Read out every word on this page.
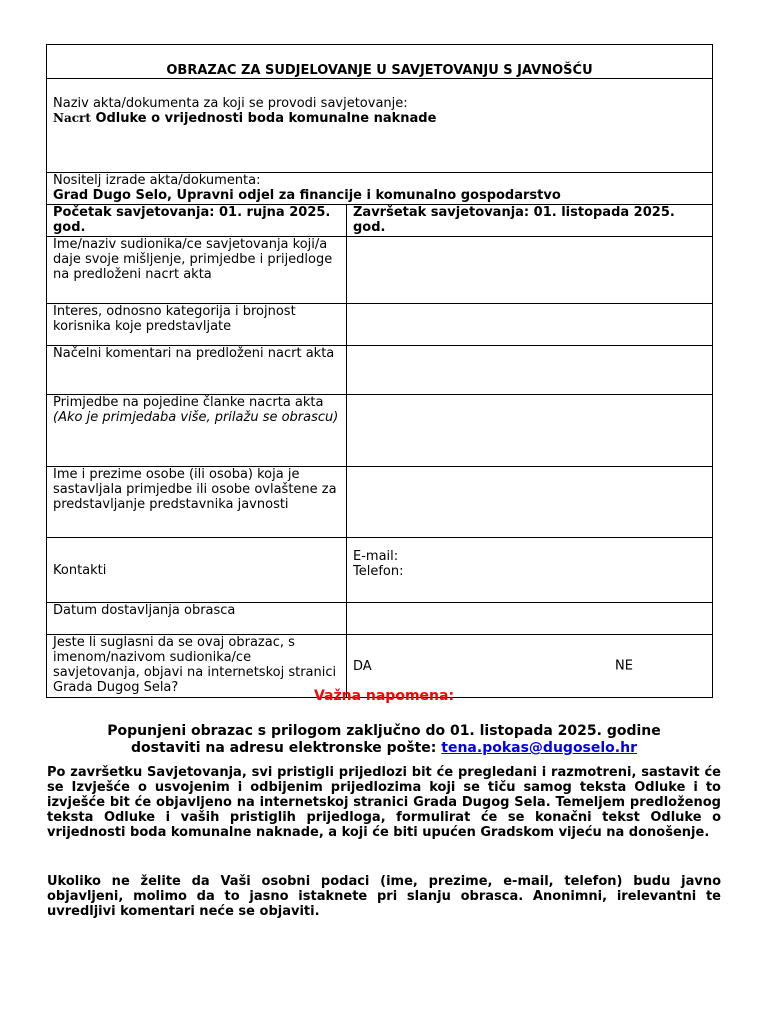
OBRAZAC ZA SUDJELOVANJE U SAVJETOVANJU S JAVNOŠĆU	

Naziv akta/dokumenta za koji se provodi savjetovanje:
Nacrt Odluke o vrijednosti boda komunalne naknade	

Nositelj izrade akta/dokumenta:
Grad Dugo Selo, Upravni odjel za financije i komunalno gospodarstvo	

Početak savjetovanja: 01. rujna 2025. god.	Završetak savjetovanja: 01. listopada 2025. god.
Ime/naziv sudionika/ce savjetovanja koji/a daje svoje mišljenje, primjedbe i prijedloge na predloženi nacrt akta	
Interes, odnosno kategorija i brojnost korisnika koje predstavljate	
Načelni komentari na predloženi nacrt akta	
Primjedbe na pojedine članke nacrta akta
(Ako je primjedaba više, prilažu se obrascu)	
Ime i prezime osobe (ili osoba) koja je sastavljala primjedbe ili osobe ovlaštene za predstavljanje predstavnika javnosti	
Kontakti	E-mail:
Telefon:
Datum dostavljanja obrasca	
Jeste li suglasni da se ovaj obrazac, s imenom/nazivom sudionika/ce savjetovanja, objavi na internetskoj stranici Grada Dugog Sela?	DA NE
Važna napomena:
Popunjeni obrazac s prilogom zaključno do 01. listopada 2025. godine
dostaviti na adresu elektronske pošte: tena.pokas@dugoselo.hr
Po završetku Savjetovanja, svi pristigli prijedlozi bit će pregledani i razmotreni, sastavit će se Izvješće o usvojenim i odbijenim prijedlozima koji se tiču samog teksta Odluke i to izvješće bit će objavljeno na internetskoj stranici Grada Dugog Sela. Temeljem predloženog teksta Odluke i vaših pristiglih prijedloga, formulirat će se konačni tekst Odluke o vrijednosti boda komunalne naknade, a koji će biti upućen Gradskom vijeću na donošenje.
Ukoliko ne želite da Vaši osobni podaci (ime, prezime, e-mail, telefon) budu javno objavljeni, molimo da to jasno istaknete pri slanju obrasca. Anonimni, irelevantni te uvredljivi komentari neće se objaviti.
